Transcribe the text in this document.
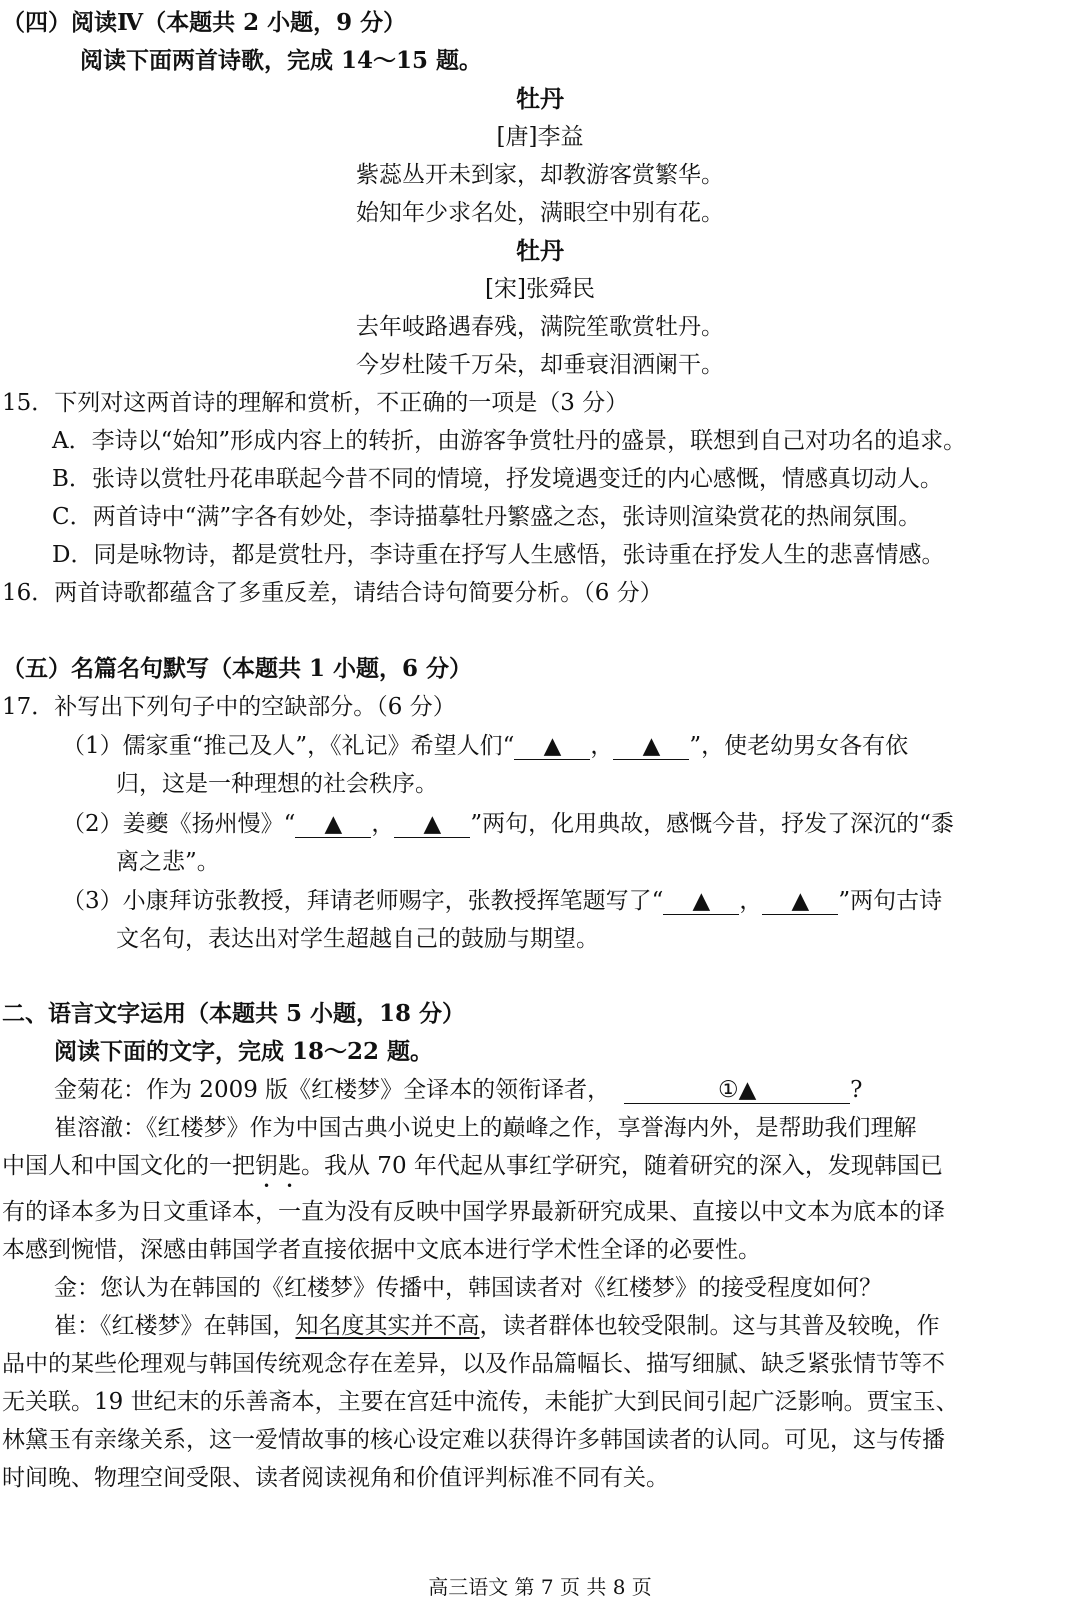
（四）阅读Ⅳ（本题共 2 小题，9 分）
阅读下面两首诗歌，完成 14～15 题。
牡丹
[唐]李益
紫蕊丛开未到家，却教游客赏繁华。
始知年少求名处，满眼空中别有花。
牡丹
[宋]张舜民
去年岐路遇春残，满院笙歌赏牡丹。
今岁杜陵千万朵，却垂衰泪洒阑干。
15．下列对这两首诗的理解和赏析，不正确的一项是（3 分）
A．李诗以“始知”形成内容上的转折，由游客争赏牡丹的盛景，联想到自己对功名的追求。
B．张诗以赏牡丹花串联起今昔不同的情境，抒发境遇变迁的内心感慨，情感真切动人。
C．两首诗中“满”字各有妙处，李诗描摹牡丹繁盛之态，张诗则渲染赏花的热闹氛围。
D．同是咏物诗，都是赏牡丹，李诗重在抒写人生感悟，张诗重在抒发人生的悲喜情感。
16．两首诗歌都蕴含了多重反差，请结合诗句简要分析。（6 分）
（五）名篇名句默写（本题共 1 小题，6 分）
17．补写出下列句子中的空缺部分。（6 分）
（1）儒家重“推己及人”，《礼记》希望人们“ ▲ ， ▲ ”，使老幼男女各有依
归，这是一种理想的社会秩序。
（2）姜夔《扬州慢》“ ▲ ， ▲ ”两句，化用典故，感慨今昔，抒发了深沉的“黍
离之悲”。
（3）小康拜访张教授，拜请老师赐字，张教授挥笔题写了“ ▲ ， ▲ ”两句古诗
文名句，表达出对学生超越自己的鼓励与期望。
二、语言文字运用（本题共 5 小题，18 分）
阅读下面的文字，完成 18～22 题。
金菊花：作为 2009 版《红楼梦》全译本的领衔译者，	①▲	?
崔溶澈：《红楼梦》作为中国古典小说史上的巅峰之作，享誉海内外，是帮助我们理解
中国人和中国文化的一把钥匙。我从 70 年代起从事红学研究，随着研究的深入，发现韩国已
有的译本多为日文重译本，一直为没有反映中国学界最新研究成果、直接以中文本为底本的译
本感到惋惜，深感由韩国学者直接依据中文底本进行学术性全译的必要性。
金：您认为在韩国的《红楼梦》传播中，韩国读者对《红楼梦》的接受程度如何？
崔：《红楼梦》在韩国，知名度其实并不高，读者群体也较受限制。这与其普及较晚，作
品中的某些伦理观与韩国传统观念存在差异，以及作品篇幅长、描写细腻、缺乏紧张情节等不
无关联。19 世纪末的乐善斋本，主要在宫廷中流传，未能扩大到民间引起广泛影响。贾宝玉、
林黛玉有亲缘关系，这一爱情故事的核心设定难以获得许多韩国读者的认同。可见，这与传播
时间晚、物理空间受限、读者阅读视角和价值评判标准不同有关。
高三语文 第 7 页 共 8 页
